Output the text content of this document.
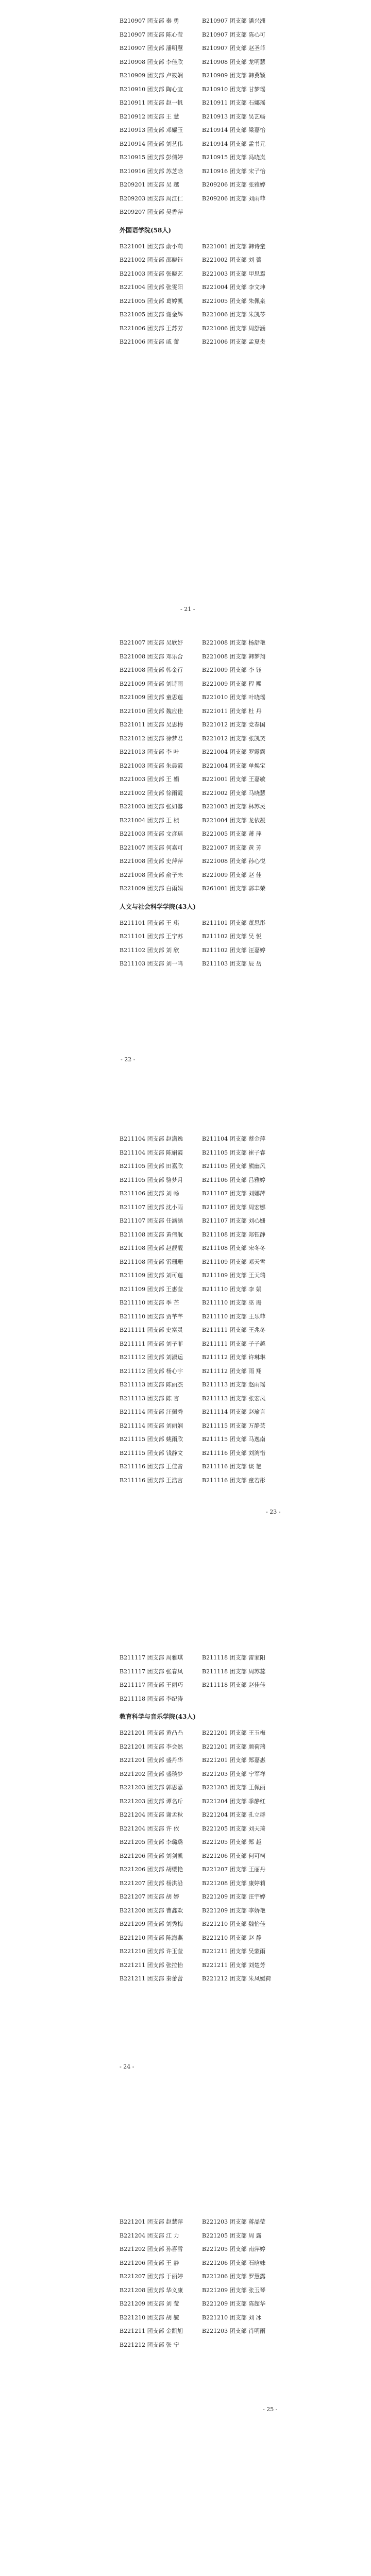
B210907 团支部 秦 勇	B210907 团支部 潘兴洲
B210907 团支部 陈心莹	B210907 团支部 陈心可
B210907 团支部 潘明慧	B210907 团支部 赵圣菲
B210908 团支部 李佳欣	B210908 团支部 龙明慧
B210909 团支部 卢筱娴	B210909 团支部 韩冀颖
B210910 团支部 陶心宜	B210910 团支部 甘梦瑶
B210911 团支部 赵一帆	B210911 团支部 石娜瑶
B210912 团支部 王 慧	B210913 团支部 吴艺畅
B210913 团支部 邓耀玉	B210914 团支部 梁嘉怡
B210914 团支部 刘艺伟	B210914 团支部 孟书元
B210915 团支部 彭倩婷	B210915 团支部 冯晓岚
B210916 团支部 苏芝晗	B210916 团支部 宋子怡
B209201 团支部 吴 越	B209206 团支部 张雅婷
B209203 团支部 周江仁	B209206 团支部 刘雨菲
B209207 团支部 吴香萍
外国语学院(58人)
B221001 团支部 俞小莉	B221001 团支部 韩诗童
B221002 团支部 邵晓钰	B221002 团支部 刘 蕾
B221003 团支部 张晓艺	B221003 团支部 甲思焉
B221004 团支部 张雯阳	B221004 团支部 李文坤
B221005 团支部 葛婷凯	B221005 团支部 朱佩泉
B221005 团支部 谢金辉	B221006 团支部 朱凯苓
B221006 团支部 王苏芳	B221006 团支部 周舒涵
B221006 团支部 戚 蕾	B221006 团支部 孟夏贵
- 21 -
B221007 团支部 吴欣妤	B221008 团支部 杨舒艳
B221008 团支部 邓乐合	B221008 团支部 韩梦翔
B221008 团支部 韩金行	B221009 团支部 李 钰
B221009 团支部 刘诗雨	B221009 团支部 程 熙
B221009 团支部 童思莲	B221010 团支部 叶晓瑶
B221010 团支部 魏应佳	B221011 团支部 杜 丹
B221011 团支部 吴思梅	B221012 团支部 党春国
B221012 团支部 徐梦君	B221012 团支部 张凯笑
B221013 团支部 李 叶	B221004 团支部 罗露露
B221003 团支部 朱晨霞	B221004 团支部 单焕宝
B221003 团支部 王 娟	B221001 团支部 王嘉敏
B221002 团支部 徐雨霞	B221002 团支部 马晓慧
B221003 团支部 张如馨	B221003 团支部 林苏灵
B221004 团支部 王 桢	B221004 团支部 龙依凝
B221003 团支部 文彦瑶	B221005 团支部 萧 萍
B221007 团支部 何嘉可	B221007 团支部 黄 芳
B221008 团支部 史萍萍	B221008 团支部 孙心悦
B221008 团支部 俞子未	B221009 团支部 赵 佳
B221009 团支部 白雨娟	B261001 团支部 郭丰荣
人文与社会科学学院(43人)
B211101 团支部 王 琪	B211101 团支部 董思彤
B211101 团支部 王宁苏	B211102 团支部 吴 悦
B211102 团支部 刘 欣	B211102 团支部 汪嘉婷
B211103 团支部 刘一鸣	B211103 团支部 辰 岳
- 22 -
B211104 团支部 赵潇逸	B211104 团支部 蔡金萍
B211104 团支部 陈娟霞	B211105 团支部 崔子睿
B211105 团支部 田嘉欣	B211105 团支部 熊幽风
B211105 团支部 骆梦月	B211106 团支部 吕雅婷
B211106 团支部 刘 畅	B211107 团支部 刘娜萍
B211107 团支部 沈小雨	B211107 团支部 周宏娜
B211107 团支部 任涵涵	B211107 团支部 刘心姗
B211108 团支部 黄伟航	B211108 团支部 郑钰静
B211108 团支部 赵靓靓	B211108 团支部 宋冬冬
B211108 团支部 雷珊珊	B211109 团支部 邓天雪
B211109 团支部 刘可莲	B211109 团支部 王天瑞
B211109 团支部 王惠莹	B211110 团支部 李 娟
B211110 团支部 季 芒	B211110 团支部 巫 珊
B211110 团支部 贾芊芊	B211110 团支部 王乐菲
B211111 团支部 史富灵	B211111 团支部 王兆冬
B211111 团支部 刘子菲	B211111 团支部 子子越
B211112 团支部 刘淑运	B211112 团支部 许琳琳
B211112 团支部 杨心宇	B211112 团支部 雨 翔
B211113 团支部 陈丽杰	B211113 团支部 赵雨瑶
B211113 团支部 陈 言	B211113 团支部 张宏凤
B211114 团支部 汪佩秀	B211114 团支部 赵瑜言
B211114 团支部 刘丽娴	B211115 团支部 万静芸
B211115 团支部 姚雨欣	B211115 团支部 马逸南
B211115 团支部 钱静文	B211116 团支部 刘湾惜
B211116 团支部 王佳音	B211116 团支部 谈 艳
B211116 团支部 王浩言	B211116 团支部 童若彤
- 23 -
B211117 团支部 周雅琪	B211118 团支部 雷家阳
B211117 团支部 张春凤	B211118 团支部 周苏蕊
B211117 团支部 王丽巧	B211118 团支部 赵佳佳
B211118 团支部 李纪涛
教育科学与音乐学院(43人)
B221201 团支部 黄凸凸	B221201 团支部 王玉梅
B221201 团支部 李会然	B221201 团支部 颜荷瑞
B221201 团支部 盛丹华	B221201 团支部 郑嘉惠
B221202 团支部 盛琰梦	B221203 团支部 宁军祥
B221203 团支部 郭思嘉	B221203 团支部 王佩丽
B221203 团支部 谭名斤	B221204 团支部 季静红
B221204 团支部 谢孟秋	B221204 团支部 孔立群
B221204 团支部 许 依	B221205 团支部 刘天琦
B221205 团支部 李璐璐	B221205 团支部 郑 越
B221206 团支部 刘剑凯	B221206 团支部 何可柯
B221206 团支部 胡缨艳	B221207 团支部 王丽丹
B221207 团支部 杨洪沿	B221208 团支部 康婷莉
B221207 团支部 胡 婷	B221209 团支部 汪宇婷
B221208 团支部 曹鑫欢	B221209 团支部 李娇艳
B221209 团支部 刘秀梅	B221210 团支部 魏怡佳
B221210 团支部 陈海燕	B221210 团支部 赵 静
B221210 团支部 许玉莹	B221211 团支部 吴蒙雨
B221211 团支部 张拉怡	B221211 团支部 刘楚芳
B221211 团支部 秦蕾蕾	B221212 团支部 朱凤媛荷
- 24 -
B221201 团支部 赵慧萍	B221203 团支部 蒋晶莹
B221204 团支部 江 力	B221205 团支部 周 露
B221202 团支部 孙喜雪	B221205 团支部 南萍婷
B221206 团支部 王 静	B221206 团支部 石晗妹
B221207 团支部 于丽婷	B221206 团支部 罗慧露
B221208 团支部 华义康	B221209 团支部 张玉琴
B221209 团支部 刘 莹	B221209 团支部 陈超华
B221210 团支部 胡 毓	B221210 团支部 刘 冰
B221211 团支部 金凯旭	B221203 团支部 肖明雨
B221212 团支部 张 宁
- 25 -
